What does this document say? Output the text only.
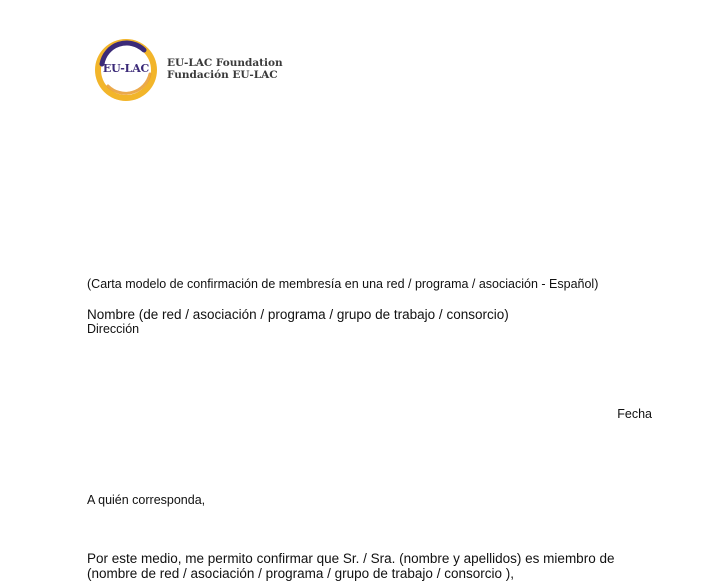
EU-LAC	EU-LAC Foundation
Fundación EU-LAC
(Carta modelo de confirmación de membresía en una red / programa / asociación - Español)
Nombre (de red / asociación / programa / grupo de trabajo / consorcio)
Dirección
Fecha
A quién corresponda,
Por este medio, me permito confirmar que Sr. / Sra. (nombre y apellidos) es miembro de
(nombre de red / asociación / programa / grupo de trabajo / consorcio ),
